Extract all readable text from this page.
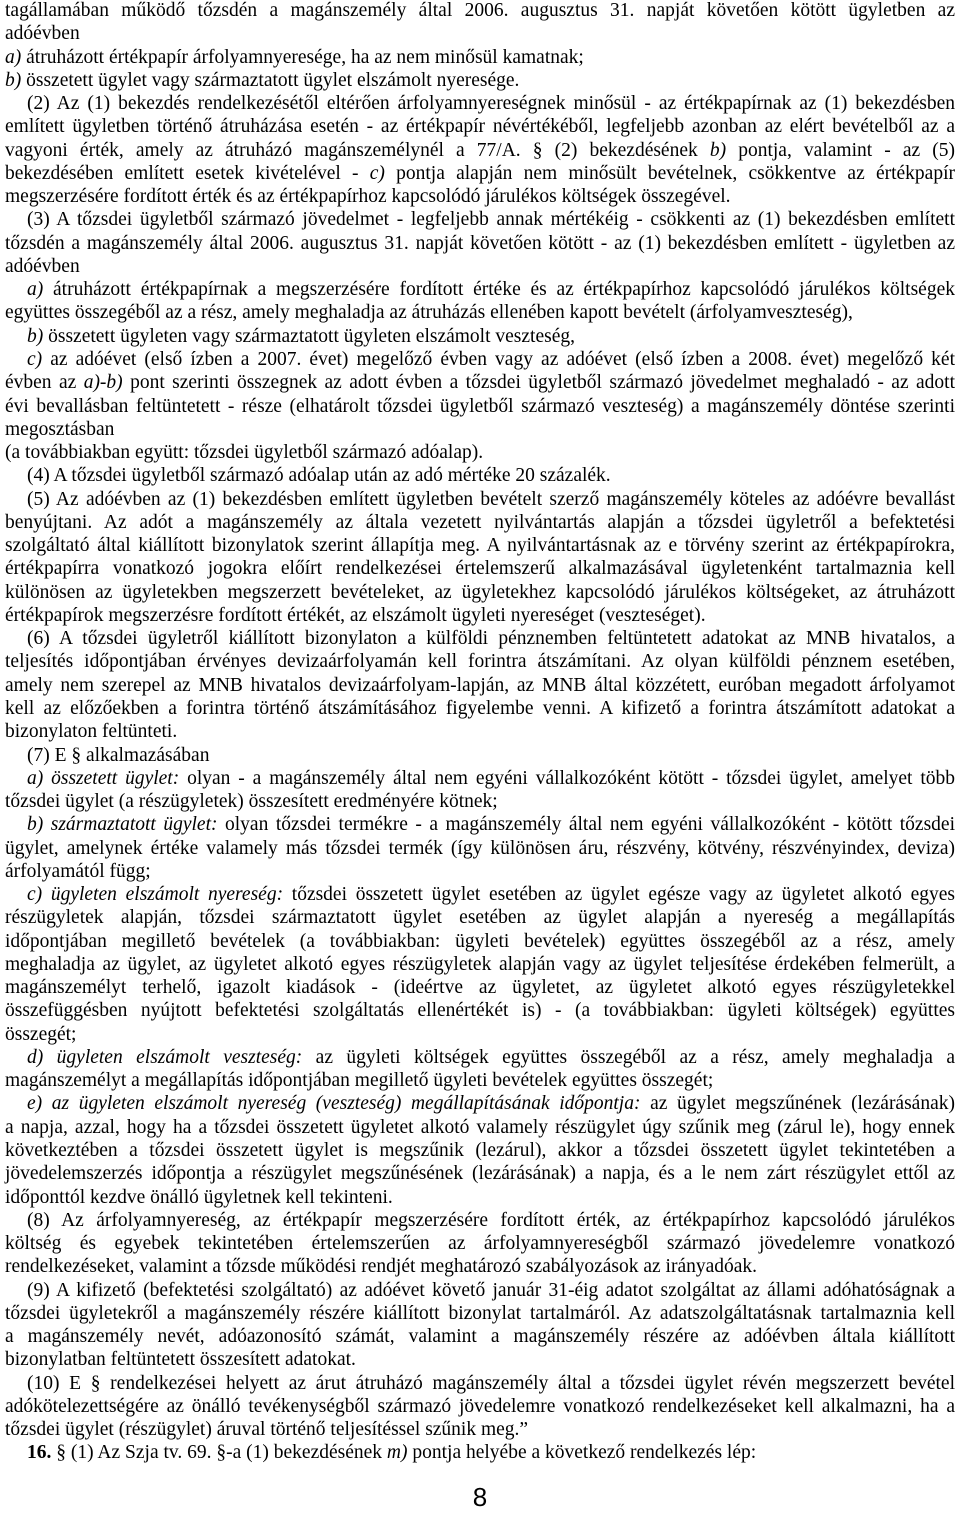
tagállamában működő tőzsdén a magánszemély által 2006. augusztus 31. napját követően kötött ügyletben az
adóévben
a) átruházott értékpapír árfolyamnyeresége, ha az nem minősül kamatnak;
b) összetett ügylet vagy származtatott ügylet elszámolt nyeresége.
(2) Az (1) bekezdés rendelkezésétől eltérően árfolyamnyereségnek minősül - az értékpapírnak az (1) bekezdésben
említett ügyletben történő átruházása esetén - az értékpapír névértékéből, legfeljebb azonban az elért bevételből az a
vagyoni érték, amely az átruházó magánszemélynél a 77/A. § (2) bekezdésének b) pontja, valamint - az (5)
bekezdésében említett esetek kivételével - c) pontja alapján nem minősült bevételnek, csökkentve az értékpapír
megszerzésére fordított érték és az értékpapírhoz kapcsolódó járulékos költségek összegével.
(3) A tőzsdei ügyletből származó jövedelmet - legfeljebb annak mértékéig - csökkenti az (1) bekezdésben említett
tőzsdén a magánszemély által 2006. augusztus 31. napját követően kötött - az (1) bekezdésben említett - ügyletben az
adóévben
a) átruházott értékpapírnak a megszerzésére fordított értéke és az értékpapírhoz kapcsolódó járulékos költségek
együttes összegéből az a rész, amely meghaladja az átruházás ellenében kapott bevételt (árfolyamveszteség),
b) összetett ügyleten vagy származtatott ügyleten elszámolt veszteség,
c) az adóévet (első ízben a 2007. évet) megelőző évben vagy az adóévet (első ízben a 2008. évet) megelőző két
évben az a)-b) pont szerinti összegnek az adott évben a tőzsdei ügyletből származó jövedelmet meghaladó - az adott
évi bevallásban feltüntetett - része (elhatárolt tőzsdei ügyletből származó veszteség) a magánszemély döntése szerinti
megosztásban
(a továbbiakban együtt: tőzsdei ügyletből származó adóalap).
(4) A tőzsdei ügyletből származó adóalap után az adó mértéke 20 százalék.
(5) Az adóévben az (1) bekezdésben említett ügyletben bevételt szerző magánszemély köteles az adóévre bevallást
benyújtani. Az adót a magánszemély az általa vezetett nyilvántartás alapján a tőzsdei ügyletről a befektetési
szolgáltató által kiállított bizonylatok szerint állapítja meg. A nyilvántartásnak az e törvény szerint az értékpapírokra,
értékpapírra vonatkozó jogokra előírt rendelkezései értelemszerű alkalmazásával ügyletenként tartalmaznia kell
különösen az ügyletekben megszerzett bevételeket, az ügyletekhez kapcsolódó járulékos költségeket, az átruházott
értékpapírok megszerzésre fordított értékét, az elszámolt ügyleti nyereséget (veszteséget).
(6) A tőzsdei ügyletről kiállított bizonylaton a külföldi pénznemben feltüntetett adatokat az MNB hivatalos, a
teljesítés időpontjában érvényes devizaárfolyamán kell forintra átszámítani. Az olyan külföldi pénznem esetében,
amely nem szerepel az MNB hivatalos devizaárfolyam-lapján, az MNB által közzétett, euróban megadott árfolyamot
kell az előzőekben a forintra történő átszámításához figyelembe venni. A kifizető a forintra átszámított adatokat a
bizonylaton feltünteti.
(7) E § alkalmazásában
a) összetett ügylet: olyan - a magánszemély által nem egyéni vállalkozóként kötött - tőzsdei ügylet, amelyet több
tőzsdei ügylet (a részügyletek) összesített eredményére kötnek;
b) származtatott ügylet: olyan tőzsdei termékre - a magánszemély által nem egyéni vállalkozóként - kötött tőzsdei
ügylet, amelynek értéke valamely más tőzsdei termék (így különösen áru, részvény, kötvény, részvényindex, deviza)
árfolyamától függ;
c) ügyleten elszámolt nyereség: tőzsdei összetett ügylet esetében az ügylet egésze vagy az ügyletet alkotó egyes
részügyletek alapján, tőzsdei származtatott ügylet esetében az ügylet alapján a nyereség a megállapítás
időpontjában megillető bevételek (a továbbiakban: ügyleti bevételek) együttes összegéből az a rész, amely
meghaladja az ügylet, az ügyletet alkotó egyes részügyletek alapján vagy az ügylet teljesítése érdekében felmerült, a
magánszemélyt terhelő, igazolt kiadások - (ideértve az ügyletet, az ügyletet alkotó egyes részügyletekkel
összefüggésben nyújtott befektetési szolgáltatás ellenértékét is) - (a továbbiakban: ügyleti költségek) együttes
összegét;
d) ügyleten elszámolt veszteség: az ügyleti költségek együttes összegéből az a rész, amely meghaladja a
magánszemélyt a megállapítás időpontjában megillető ügyleti bevételek együttes összegét;
e) az ügyleten elszámolt nyereség (veszteség) megállapításának időpontja: az ügylet megszűnének (lezárásának)
a napja, azzal, hogy ha a tőzsdei összetett ügyletet alkotó valamely részügylet úgy szűnik meg (zárul le), hogy ennek
következtében a tőzsdei összetett ügylet is megszűnik (lezárul), akkor a tőzsdei összetett ügylet tekintetében a
jövedelemszerzés időpontja a részügylet megszűnésének (lezárásának) a napja, és a le nem zárt részügylet ettől az
időponttól kezdve önálló ügyletnek kell tekinteni.
(8) Az árfolyamnyereség, az értékpapír megszerzésére fordított érték, az értékpapírhoz kapcsolódó járulékos
költség és egyebek tekintetében értelemszerűen az árfolyamnyereségből származó jövedelemre vonatkozó
rendelkezéseket, valamint a tőzsde működési rendjét meghatározó szabályozások az irányadóak.
(9) A kifizető (befektetési szolgáltató) az adóévet követő január 31-éig adatot szolgáltat az állami adóhatóságnak a
tőzsdei ügyletekről a magánszemély részére kiállított bizonylat tartalmáról. Az adatszolgáltatásnak tartalmaznia kell
a magánszemély nevét, adóazonosító számát, valamint a magánszemély részére az adóévben általa kiállított
bizonylatban feltüntetett összesített adatokat.
(10) E § rendelkezései helyett az árut átruházó magánszemély által a tőzsdei ügylet révén megszerzett bevétel
adókötelezettségére az önálló tevékenységből származó jövedelemre vonatkozó rendelkezéseket kell alkalmazni, ha a
tőzsdei ügylet (részügylet) áruval történő teljesítéssel szűnik meg.”
16. § (1) Az Szja tv. 69. §-a (1) bekezdésének m) pontja helyébe a következő rendelkezés lép:
8
